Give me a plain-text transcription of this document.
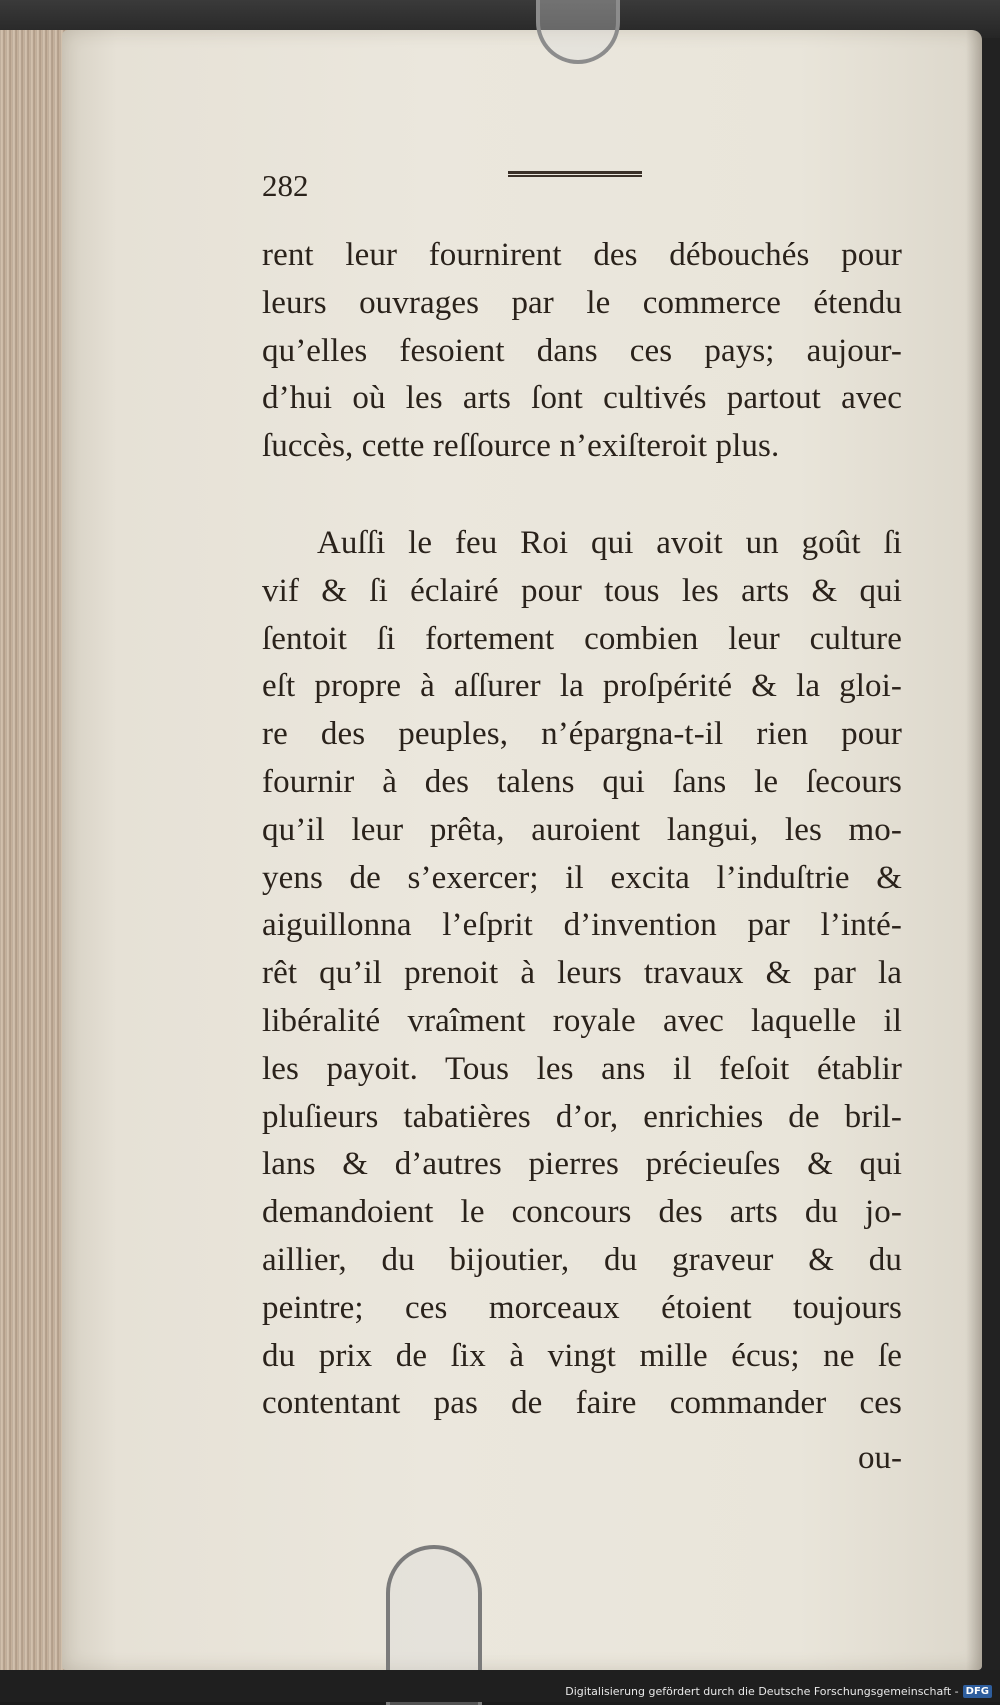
282
rent leur fournirent des débouchés pour
leurs ouvrages par le commerce étendu
qu’elles fesoient dans ces pays; aujour-
d’hui où les arts ſont cultivés partout avec
ſuccès, cette reſſource n’exiſteroit plus.
Auſſi le feu Roi qui avoit un goût ſi
vif & ſi éclairé pour tous les arts & qui
ſentoit ſi fortement combien leur culture
eſt propre à aſſurer la proſpérité & la gloi-
re des peuples, n’épargna-t-il rien pour
fournir à des talens qui ſans le ſecours
qu’il leur prêta, auroient langui, les mo-
yens de s’exercer; il excita l’induſtrie &
aiguillonna l’eſprit d’invention par l’inté-
rêt qu’il prenoit à leurs travaux & par la
libéralité vraîment royale avec laquelle il
les payoit. Tous les ans il feſoit établir
pluſieurs tabatières d’or, enrichies de bril-
lans & d’autres pierres précieuſes & qui
demandoient le concours des arts du jo-
aillier, du bijoutier, du graveur & du
peintre; ces morceaux étoient toujours
du prix de ſix à vingt mille écus; ne ſe
contentant pas de faire commander ces
ou-
Digitalisierung gefördert durch die Deutsche Forschungsgemeinschaft - DFG
